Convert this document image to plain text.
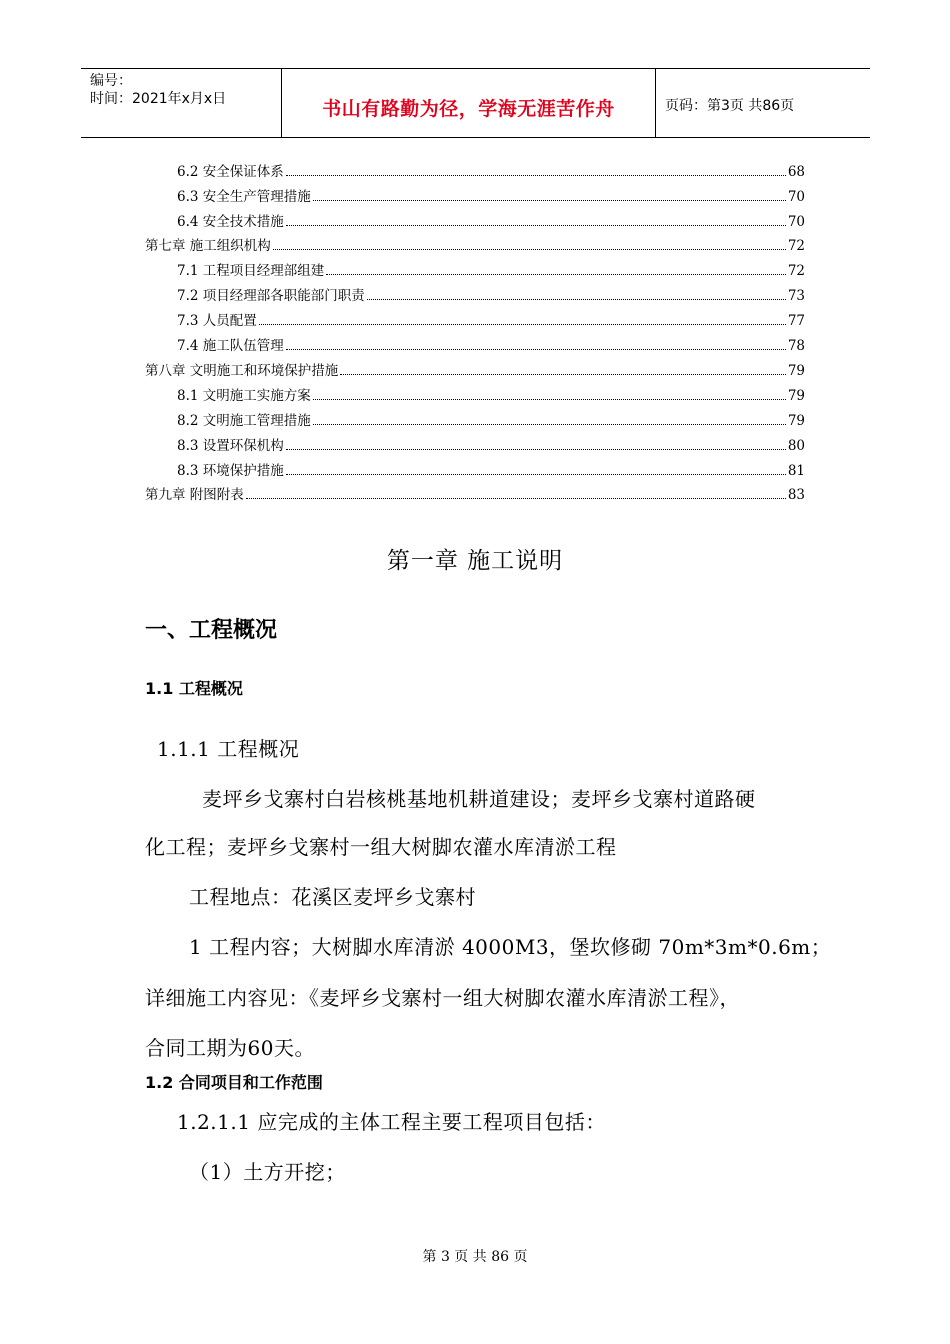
编号：
时间：2021年x月x日	书山有路勤为径，学海无涯苦作舟	页码：第3页 共86页
6.2 安全保证体系	68
6.3 安全生产管理措施	70
6.4 安全技术措施	70
第七章 施工组织机构	72
7.1 工程项目经理部组建	72
7.2 项目经理部各职能部门职责	73
7.3 人员配置	77
7.4 施工队伍管理	78
第八章 文明施工和环境保护措施	79
8.1 文明施工实施方案	79
8.2 文明施工管理措施	79
8.3 设置环保机构	80
8.3 环境保护措施	81
第九章 附图附表	83
第一章 施工说明
一、工程概况
1.1 工程概况
1.1.1 工程概况
麦坪乡戈寨村白岩核桃基地机耕道建设；麦坪乡戈寨村道路硬
化工程；麦坪乡戈寨村一组大树脚农灌水库清淤工程
工程地点：花溪区麦坪乡戈寨村
1 工程内容；大树脚水库清淤 4000M3，堡坎修砌 70m*3m*0.6m；
详细施工内容见：《麦坪乡戈寨村一组大树脚农灌水库清淤工程》，
合同工期为60天。
1.2 合同项目和工作范围
1.2.1.1 应完成的主体工程主要工程项目包括：
（1）土方开挖；
第 3 页 共 86 页
